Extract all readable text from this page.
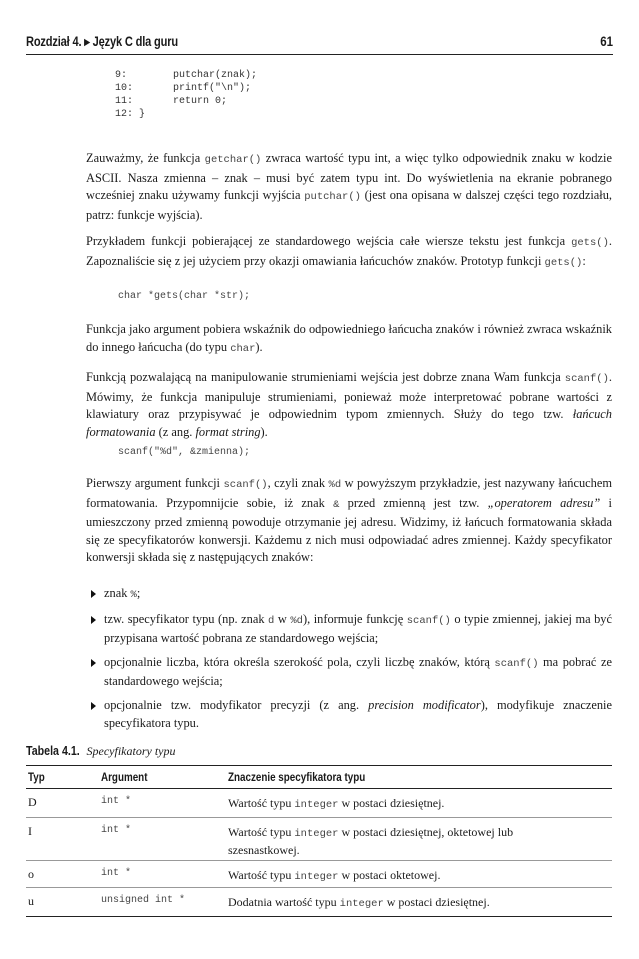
Rozdział 4. ▸ Język C dla guru	61
9:	putchar(znak);
10:	printf("\n");
11:	return 0;
12: }

Zauważmy, że funkcja getchar() zwraca wartość typu int, a więc tylko odpowiednik znaku w kodzie ASCII. Nasza zmienna – znak – musi być zatem typu int. Do wyświetlenia na ekranie pobranego wcześniej znaku używamy funkcji wyjścia putchar() (jest ona opisana w dalszej części tego rozdziału, patrz: funkcje wyjścia).

Przykładem funkcji pobierającej ze standardowego wejścia całe wiersze tekstu jest funkcja gets(). Zapoznaliście się z jej użyciem przy okazji omawiania łańcuchów znaków. Prototyp funkcji gets():

char *gets(char *str);

Funkcja jako argument pobiera wskaźnik do odpowiedniego łańcucha znaków i również zwraca wskaźnik do innego łańcucha (do typu char).

Funkcją pozwalającą na manipulowanie strumieniami wejścia jest dobrze znana Wam funkcja scanf(). Mówimy, że funkcja manipuluje strumieniami, ponieważ może interpretować pobrane wartości z klawiatury oraz przypisywać je odpowiednim typom zmiennych. Służy do tego tzw. łańcuch formatowania (z ang. format string).

scanf("%d", &zmienna);

Pierwszy argument funkcji scanf(), czyli znak %d w powyższym przykładzie, jest nazywany łańcuchem formatowania. Przypomnijcie sobie, iż znak & przed zmienną jest tzw. „operatorem adresu” i umieszczony przed zmienną powoduje otrzymanie jej adresu. Widzimy, iż łańcuch formatowania składa się ze specyfikatorów konwersji. Każdemu z nich musi odpowiadać adres zmiennej. Każdy specyfikator konwersji składa się z następujących znaków:

znak %;
tzw. specyfikator typu (np. znak d w %d), informuje funkcję scanf() o typie zmiennej, jakiej ma być przypisana wartość pobrana ze standardowego wejścia;
opcjonalnie liczba, która określa szerokość pola, czyli liczbę znaków, którą scanf() ma pobrać ze standardowego wejścia;
opcjonalnie tzw. modyfikator precyzji (z ang. precision modificator), modyfikuje znaczenie specyfikatora typu.
Tabela 4.1. Specyfikatory typu
Typ	Argument	Znaczenie specyfikatora typu
D	int *	Wartość typu integer w postaci dziesiętnej.
I	int *	Wartość typu integer w postaci dziesiętnej, oktetowej lub szesnastkowej.
o	int *	Wartość typu integer w postaci oktetowej.
u	unsigned int *	Dodatnia wartość typu integer w postaci dziesiętnej.
